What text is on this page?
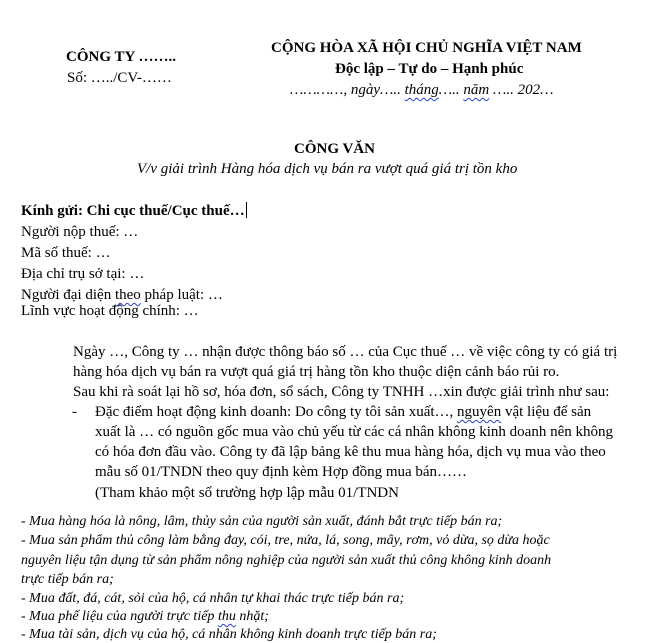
CÔNG TY ……..
Số: …../CV-……
CỘNG HÒA XÃ HỘI CHỦ NGHĨA VIỆT NAM
Độc lập – Tự do – Hạnh phúc
…………, ngày….. tháng….. năm ….. 202…
CÔNG VĂN
V/v giải trình Hàng hóa dịch vụ bán ra vượt quá giá trị tồn kho
Kính gửi: Chi cục thuế/Cục thuế…
Người nộp thuế: …
Mã số thuế: …
Địa chỉ trụ sở tại: …
Người đại diện theo pháp luật: …
Lĩnh vực hoạt động chính: …
Ngày …, Công ty … nhận được thông báo số … của Cục thuế … về việc công ty có giá trị
hàng hóa dịch vụ bán ra vượt quá giá trị hàng tồn kho thuộc diện cảnh báo rủi ro.
Sau khi rà soát lại hồ sơ, hóa đơn, sổ sách, Công ty TNHH …xin được giải trình như sau:
- Đặc điểm hoạt động kinh doanh: Do công ty tôi sản xuất…, nguyên vật liệu để sản
xuất là … có nguồn gốc mua vào chủ yếu từ các cá nhân không kinh doanh nên không
có hóa đơn đầu vào. Công ty đã lập bảng kê thu mua hàng hóa, dịch vụ mua vào theo
mẫu số 01/TNDN theo quy định kèm Hợp đồng mua bán……
(Tham khảo một số trường hợp lập mẫu 01/TNDN
- Mua hàng hóa là nông, lâm, thủy sản của người sản xuất, đánh bắt trực tiếp bán ra;
- Mua sản phẩm thủ công làm bằng đay, cói, tre, nứa, lá, song, mây, rơm, vỏ dừa, sọ dừa hoặc
nguyên liệu tận dụng từ sản phẩm nông nghiệp của người sản xuất thủ công không kinh doanh
trực tiếp bán ra;
- Mua đất, đá, cát, sỏi của hộ, cá nhân tự khai thác trực tiếp bán ra;
- Mua phế liệu của người trực tiếp thu nhặt;
- Mua tài sản, dịch vụ của hộ, cá nhân không kinh doanh trực tiếp bán ra;
